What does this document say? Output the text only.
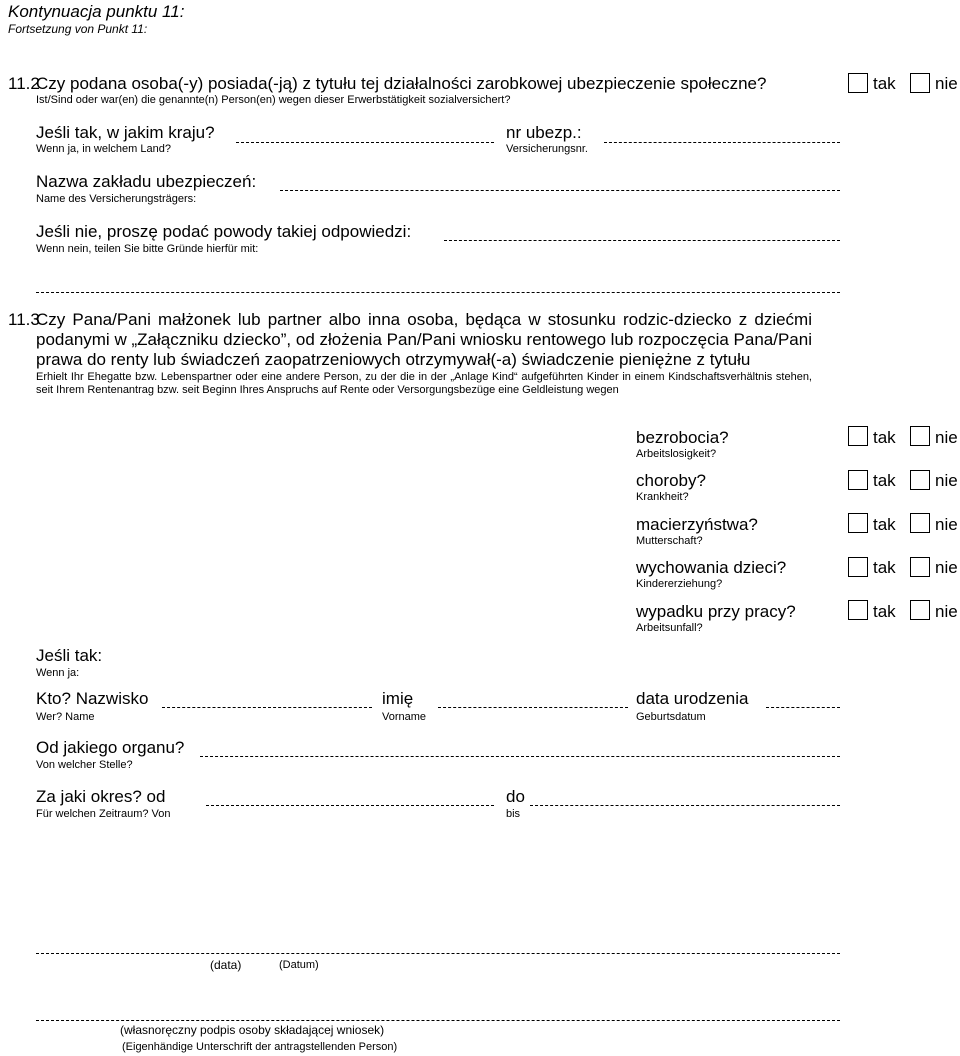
Kontynuacja punktu 11:
Fortsetzung von Punkt 11:
11.2
Czy podana osoba(-y) posiada(-ją) z tytułu tej działalności zarobkowej ubezpieczenie społeczne?
Ist/Sind oder war(en) die genannte(n) Person(en) wegen dieser Erwerbstätigkeit sozialversichert?
tak nie
Jeśli tak, w jakim kraju?
Wenn ja, in welchem Land?
nr ubezp.:
Versicherungsnr.
Nazwa zakładu ubezpieczeń:
Name des Versicherungsträgers:
Jeśli nie, proszę podać powody takiej odpowiedzi:
Wenn nein, teilen Sie bitte Gründe hierfür mit:
11.3
Czy Pana/Pani małżonek lub partner albo inna osoba, będąca w stosunku rodzic-dziecko z dziećmi podanymi w „Załączniku dziecko”, od złożenia Pan/Pani wniosku rentowego lub rozpoczęcia Pana/Pani prawa do renty lub świadczeń zaopatrzeniowych otrzymywał(-a) świadczenie pieniężne z tytułu
Erhielt Ihr Ehegatte bzw. Lebenspartner oder eine andere Person, zu der die in der „Anlage Kind“ aufgeführten Kinder in einem Kindschaftsverhältnis stehen, seit Ihrem Rentenantrag bzw. seit Beginn Ihres Anspruchs auf Rente oder Versorgungsbezüge eine Geldleistung wegen
bezrobocia?
Arbeitslosigkeit?
tak nie
choroby?
Krankheit?
tak nie
macierzyństwa?
Mutterschaft?
tak nie
wychowania dzieci?
Kindererziehung?
tak nie
wypadku przy pracy?
Arbeitsunfall?
tak nie
Jeśli tak:
Wenn ja:
Kto? Nazwisko
Wer? Name
imię
Vorname
data urodzenia
Geburtsdatum
Od jakiego organu?
Von welcher Stelle?
Za jaki okres? od
Für welchen Zeitraum? Von
do
bis
(data)	(Datum)
(własnoręczny podpis osoby składającej wniosek)
(Eigenhändige Unterschrift der antragstellenden Person)
